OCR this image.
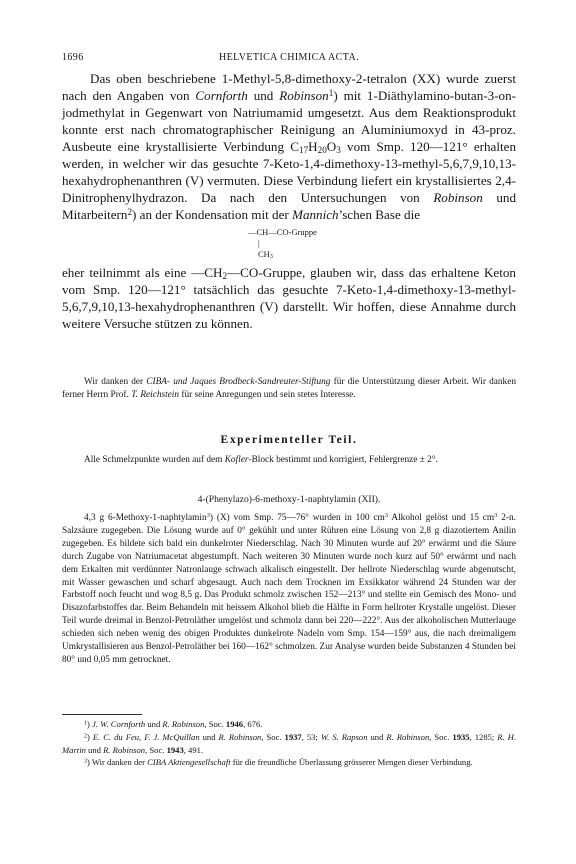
1696	HELVETICA CHIMICA ACTA.

Das oben beschriebene 1-Methyl-5,8-dimethoxy-2-tetralon (XX) wurde zuerst nach den Angaben von Cornforth und Robinson$^1$) mit 1-Diäthylamino-butan-3-on-jodmethylat in Gegenwart von Natriumamid umgesetzt. Aus dem Reaktionsprodukt konnte erst nach chromatographischer Reinigung an Aluminiumoxyd in 43-proz. Ausbeute eine krystallisierte Verbindung $C_{17}H_{20}O_3$ vom Smp. 120—121° erhalten werden, in welcher wir das gesuchte 7-Keto-1,4-dimethoxy-13-methyl-5,6,7,9,10,13-hexahydrophenanthren (V) vermuten. Diese Verbindung liefert ein krystallisiertes 2,4-Dinitrophenylhydrazon. Da nach den Untersuchungen von Robinson und Mitarbeitern$^2$) an der Kondensation mit der Mannich’schen Base die

—CH—CO-Gruppe
|
$CH_3$

eher teilnimmt als eine $—CH_2—CO$-Gruppe, glauben wir, dass das erhaltene Keton vom Smp. 120—121° tatsächlich das gesuchte 7-Keto-1,4-dimethoxy-13-methyl-5,6,7,9,10,13-hexahydrophenanthren (V) darstellt. Wir hoffen, diese Annahme durch weitere Versuche stützen zu können.

Wir danken der CIBA- und Jaques Brodbeck-Sandreuter-Stiftung für die Unterstützung dieser Arbeit. Wir danken ferner Herrn Prof. T. Reichstein für seine Anregungen und sein stetes Interesse.

Experimenteller Teil.

Alle Schmelzpunkte wurden auf dem Kofler-Block bestimmt und korrigiert, Fehlergrenze ± 2°.

4-(Phenylazo)-6-methoxy-1-naphtylamin (XII).

4,3 g 6-Methoxy-1-naphtylamin$^3$) (X) vom Smp. 75—76° wurden in 100 $cm^3$ Alkohol gelöst und 15 $cm^3$ 2-n. Salzsäure zugegeben. Die Lösung wurde auf 0° gekühlt und unter Rühren eine Lösung von 2,8 g diazotiertem Anilin zugegeben. Es bildete sich bald ein dunkelroter Niederschlag. Nach 30 Minuten wurde auf 20° erwärmt und die Säure durch Zugabe von Natriumacetat abgestumpft. Nach weiteren 30 Minuten wurde noch kurz auf 50° erwärmt und nach dem Erkalten mit verdünnter Natronlauge schwach alkalisch eingestellt. Der hellrote Niederschlag wurde abgenutscht, mit Wasser gewaschen und scharf abgesaugt. Auch nach dem Trocknen im Exsikkator während 24 Stunden war der Farbstoff noch feucht und wog 8,5 g. Das Produkt schmolz zwischen 152—213° und stellte ein Gemisch des Mono- und Disazofarbstoffes dar. Beim Behandeln mit heissem Alkohol blieb die Hälfte in Form hellroter Krystalle ungelöst. Dieser Teil wurde dreimal in Benzol-Petroläther umgelöst und schmolz dann bei 220—222°. Aus der alkoholischen Mutterlauge schieden sich neben wenig des obigen Produktes dunkelrote Nadeln vom Smp. 154—159° aus, die nach dreimaligem Umkrystallisieren aus Benzol-Petroläther bei 160—162° schmolzen. Zur Analyse wurden beide Substanzen 4 Stunden bei 80° und 0,05 mm getrocknet.

$^1$) J. W. Cornforth und R. Robinson, Soc. 1946, 676.

$^2$) E. C. du Feu, F. J. McQuillan und R. Robinson, Soc. 1937, 53; W. S. Rapson und R. Robinson, Soc. 1935, 1285; R. H. Martin und R. Robinson, Soc. 1943, 491.

$^3$) Wir danken der CIBA Aktiengesellschaft für die freundliche Überlassung grösserer Mengen dieser Verbindung.
